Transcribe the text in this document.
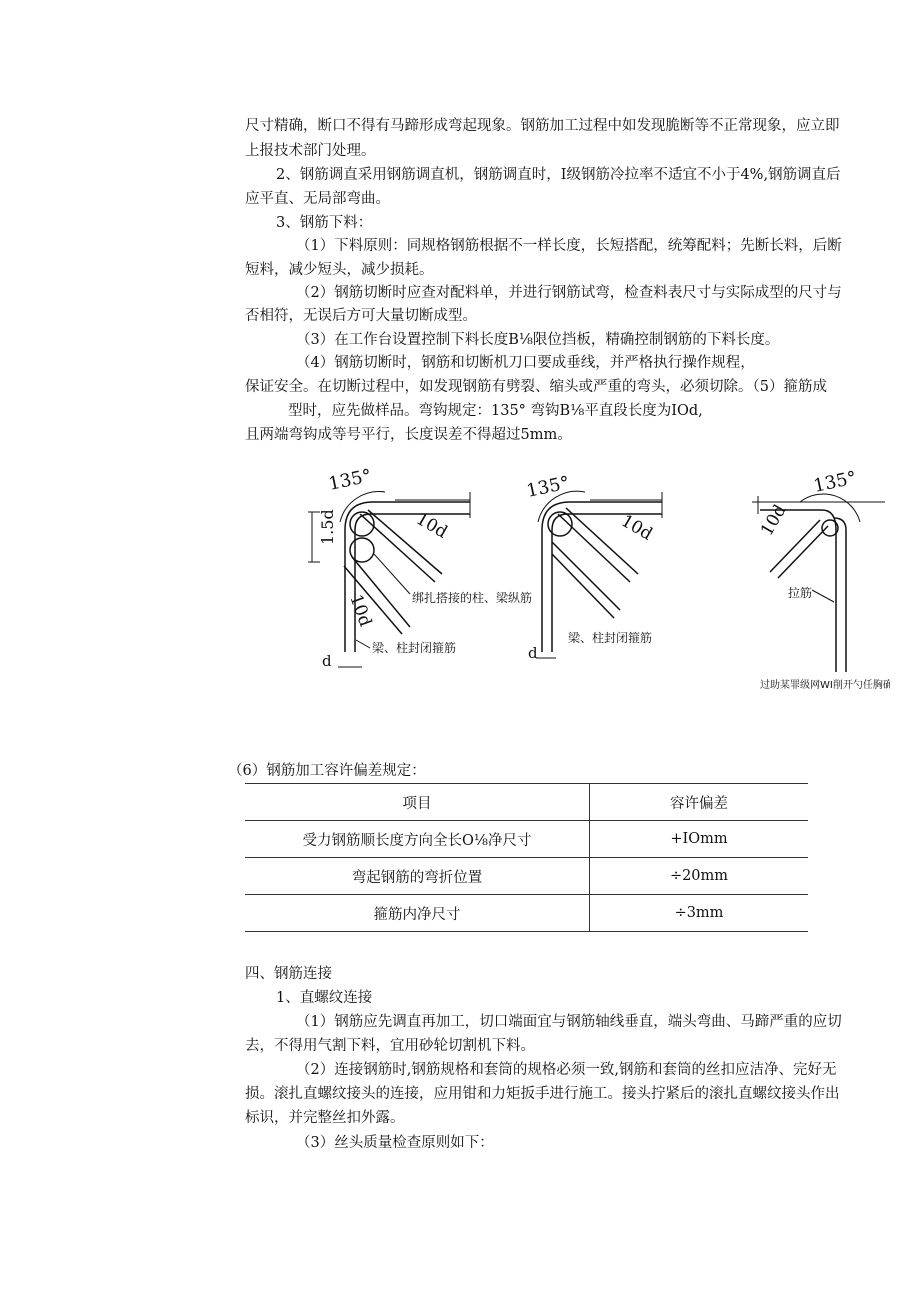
尺寸精确，断口不得有马蹄形成弯起现象。钢筋加工过程中如发现脆断等不正常现象，应立即
上报技术部门处理。
2、钢筋调直采用钢筋调直机，钢筋调直时，I级钢筋冷拉率不适宜不小于4%,钢筋调直后
应平直、无局部弯曲。
3、钢筋下料：
（1）下料原则：同规格钢筋根据不一样长度，长短搭配，统筹配料；先断长料，后断
短料，减少短头，减少损耗。
（2）钢筋切断时应查对配料单，并进行钢筋试弯，检查料表尺寸与实际成型的尺寸与
否相符，无误后方可大量切断成型。
（3）在工作台设置控制下料长度B⅛限位挡板，精确控制钢筋的下料长度。
（4）钢筋切断时，钢筋和切断机刀口要成垂线，并严格执行操作规程，
保证安全。在切断过程中，如发现钢筋有劈裂、缩头或严重的弯头，必须切除。（5）箍筋成
型时，应先做样品。弯钩规定：135° 弯钩B⅛平直段长度为IOd,
且两端弯钩成等号平行，长度误差不得超过5mm。
135°
10d
10d
1.5d
d
绑扎搭接的柱、梁纵筋
梁、柱封闭箍筋
135°
10d
d
梁、柱封闭箍筋
135°
10d
拉筋
过助某罪级网WI削开勺任胸确
（6）钢筋加工容许偏差规定：
项目	容许偏差
受力钢筋顺长度方向全长O⅛净尺寸	+IOmm
弯起钢筋的弯折位置	÷20mm
箍筋内净尺寸	÷3mm
四、钢筋连接
1、直螺纹连接
（1）钢筋应先调直再加工，切口端面宜与钢筋轴线垂直，端头弯曲、马蹄严重的应切
去，不得用气割下料，宜用砂轮切割机下料。
（2）连接钢筋时,钢筋规格和套筒的规格必须一致,钢筋和套筒的丝扣应洁净、完好无
损。滚扎直螺纹接头的连接，应用钳和力矩扳手进行施工。接头拧紧后的滚扎直螺纹接头作出
标识，并完整丝扣外露。
（3）丝头质量检查原则如下：
